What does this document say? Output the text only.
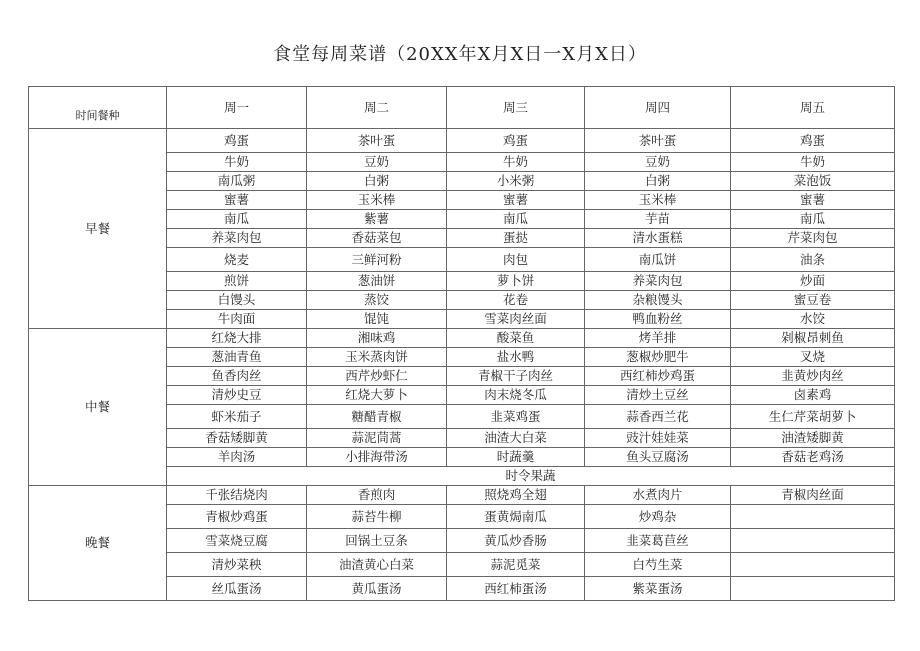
食堂每周菜谱（20XX年X月X日一X月X日）
时间餐种	周一	周二	周三	周四	周五
早餐	鸡蛋	茶叶蛋	鸡蛋	茶叶蛋	鸡蛋
	牛奶	豆奶	牛奶	豆奶	牛奶
	南瓜粥	白粥	小米粥	白粥	菜泡饭
	蜜薯	玉米棒	蜜薯	玉米棒	蜜薯
	南瓜	紫薯	南瓜	芋苗	南瓜
	养菜肉包	香菇菜包	蛋挞	清水蛋糕	芹菜肉包
	烧麦	三鲜河粉	肉包	南瓜饼	油条
	煎饼	葱油饼	萝卜饼	养菜肉包	炒面
	白馒头	蒸饺	花卷	杂粮馒头	蜜豆卷
	牛肉面	馄饨	雪菜肉丝面	鸭血粉丝	水饺
中餐	红烧大排	湘味鸡	酸菜鱼	烤羊排	剁椒昂刺鱼
	葱油青鱼	玉米蒸肉饼	盐水鸭	葱椒炒肥牛	叉烧
	鱼香肉丝	西芹炒虾仁	青椒干子肉丝	西红柿炒鸡蛋	韭黄炒肉丝
	清炒史豆	红烧大萝卜	肉末烧冬瓜	清炒土豆丝	卤素鸡
	虾米茄子	糖醋青椒	韭菜鸡蛋	蒜香西兰花	生仁芹菜胡萝卜
	香菇矮脚黄	蒜泥茼蒿	油渣大白菜	豉汁娃娃菜	油渣矮脚黄
	羊肉汤	小排海带汤	时蔬羹	鱼头豆腐汤	香菇老鸡汤
	时令果蔬				
晚餐	千张结烧肉	香煎肉	照烧鸡全翅	水煮肉片	青椒肉丝面
	青椒炒鸡蛋	蒜苔牛柳	蛋黄焗南瓜	炒鸡杂	
	雪菜烧豆腐	回锅土豆条	黄瓜炒香肠	韭菜葛苣丝	
	清炒菜秧	油渣黄心白菜	蒜泥觅菜	白芍生菜	
	丝瓜蛋汤	黄瓜蛋汤	西红柿蛋汤	紫菜蛋汤	
